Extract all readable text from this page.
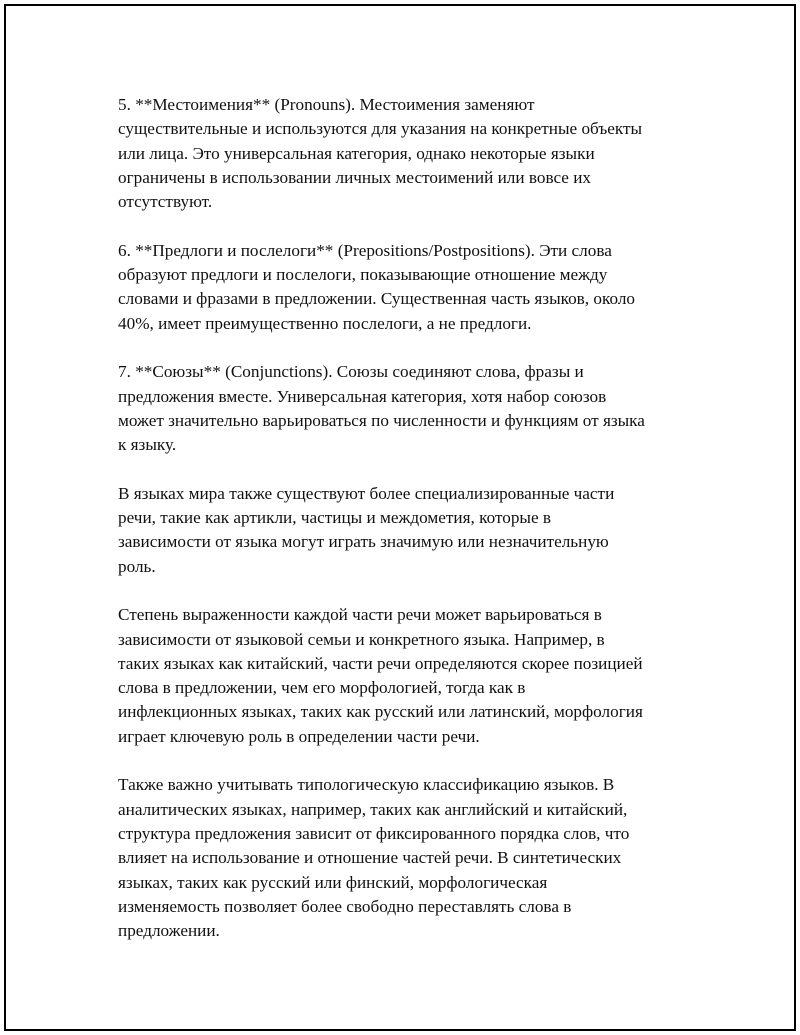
5. **Местоимения** (Pronouns). Местоимения заменяют
существительные и используются для указания на конкретные объекты
или лица. Это универсальная категория, однако некоторые языки
ограничены в использовании личных местоимений или вовсе их
отсутствуют.

6. **Предлоги и послелоги** (Prepositions/Postpositions). Эти слова
образуют предлоги и послелоги, показывающие отношение между
словами и фразами в предложении. Существенная часть языков, около
40%, имеет преимущественно послелоги, а не предлоги.

7. **Союзы** (Conjunctions). Союзы соединяют слова, фразы и
предложения вместе. Универсальная категория, хотя набор союзов
может значительно варьироваться по численности и функциям от языка
к языку.

В языках мира также существуют более специализированные части
речи, такие как артикли, частицы и междометия, которые в
зависимости от языка могут играть значимую или незначительную
роль.

Степень выраженности каждой части речи может варьироваться в
зависимости от языковой семьи и конкретного языка. Например, в
таких языках как китайский, части речи определяются скорее позицией
слова в предложении, чем его морфологией, тогда как в
инфлекционных языках, таких как русский или латинский, морфология
играет ключевую роль в определении части речи.

Также важно учитывать типологическую классификацию языков. В
аналитических языках, например, таких как английский и китайский,
структура предложения зависит от фиксированного порядка слов, что
влияет на использование и отношение частей речи. В синтетических
языках, таких как русский или финский, морфологическая
изменяемость позволяет более свободно переставлять слова в
предложении.
